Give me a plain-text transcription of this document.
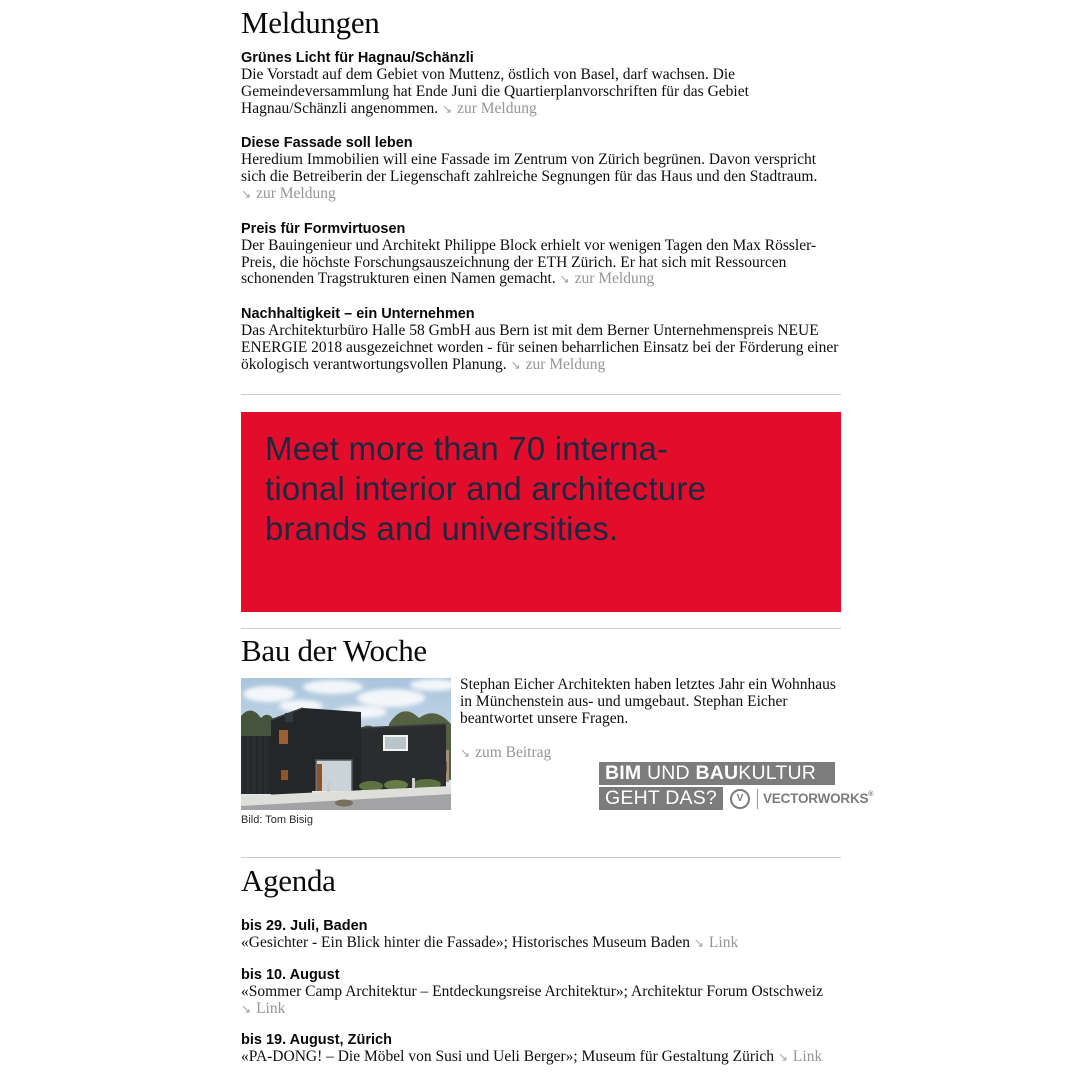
Meldungen
Grünes Licht für Hagnau/Schänzli

Die Vorstadt auf dem Gebiet von Muttenz, östlich von Basel, darf wachsen. Die Gemeindeversammlung hat Ende Juni die Quartierplanvorschriften für das Gebiet Hagnau/Schänzli angenommen. ↘ zur Meldung

Diese Fassade soll leben

Heredium Immobilien will eine Fassade im Zentrum von Zürich begrünen. Davon verspricht sich die Betreiberin der Liegenschaft zahlreiche Segnungen für das Haus und den Stadtraum. ↘ zur Meldung

Preis für Formvirtuosen

Der Bauingenieur und Architekt Philippe Block erhielt vor wenigen Tagen den Max Rössler-Preis, die höchste Forschungsauszeichnung der ETH Zürich. Er hat sich mit Ressourcen schonenden Tragstrukturen einen Namen gemacht. ↘ zur Meldung

Nachhaltigkeit – ein Unternehmen

Das Architekturbüro Halle 58 GmbH aus Bern ist mit dem Berner Unternehmenspreis NEUE ENERGIE 2018 ausgezeichnet worden - für seinen beharrlichen Einsatz bei der Förderung einer ökologisch verantwortungsvollen Planung. ↘ zur Meldung

Meet more than 70 interna-
tional interior and architecture
brands and universities.
Bau der Woche
Bild: Tom Bisig

Stephan Eicher Architekten haben letztes Jahr ein Wohnhaus in Münchenstein aus- und umgebaut. Stephan Eicher beantwortet unsere Fragen.

↘ zum Beitrag
BIM UND BAUKULTUR
GEHT DAS?	V	VECTORWORKS®
Agenda
bis 29. Juli, Baden

«Gesichter - Ein Blick hinter die Fassade»; Historisches Museum Baden ↘ Link

bis 10. August

«Sommer Camp Architektur – Entdeckungsreise Architektur»; Architektur Forum Ostschweiz ↘ Link

bis 19. August, Zürich

«PA-DONG! – Die Möbel von Susi und Ueli Berger»; Museum für Gestaltung Zürich ↘ Link
